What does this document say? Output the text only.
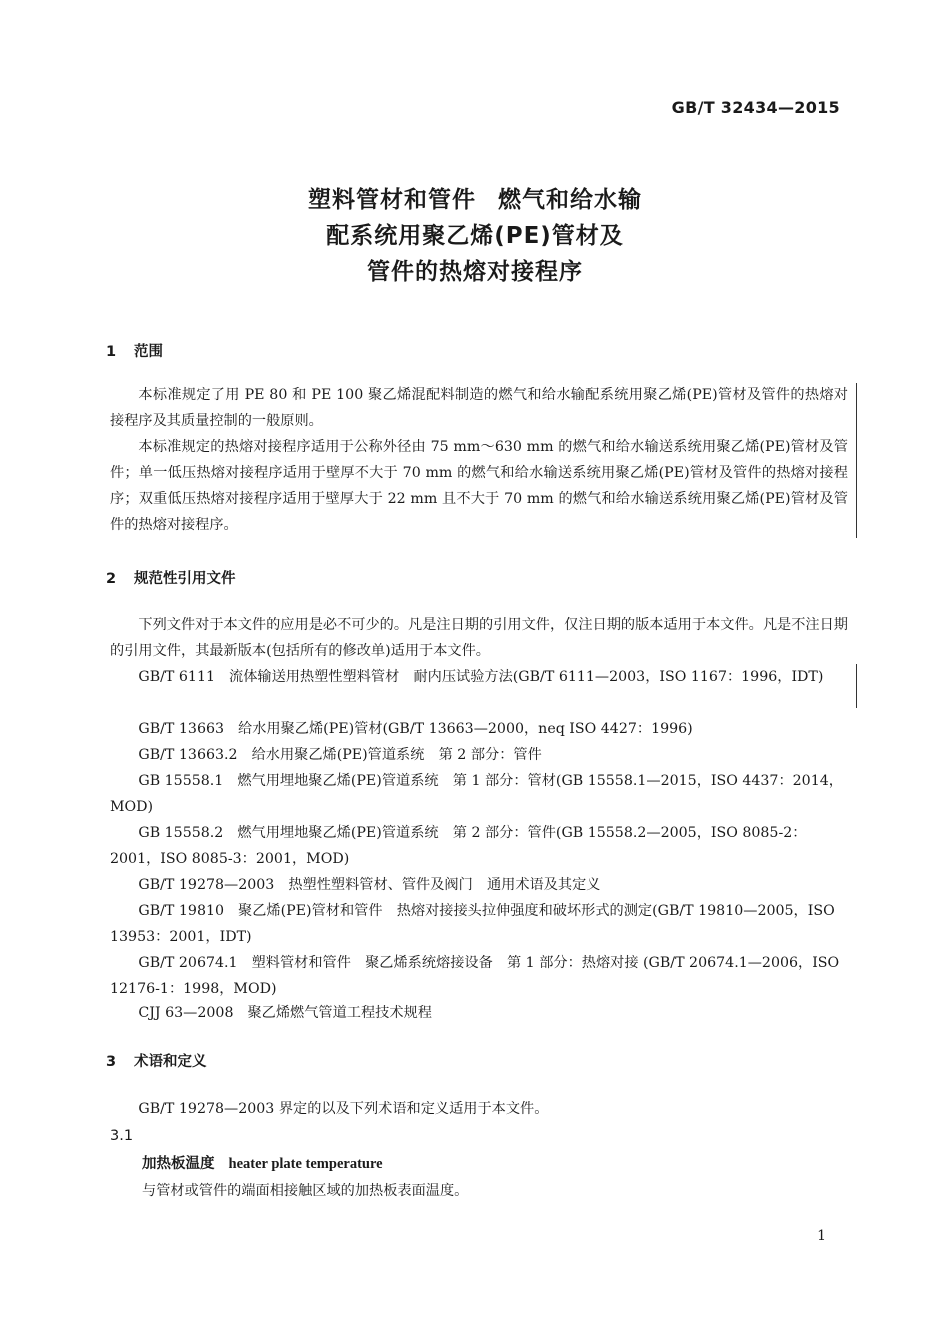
GB/T 32434—2015
塑料管材和管件 燃气和给水输
配系统用聚乙烯(PE)管材及
管件的热熔对接程序
1 范围
本标准规定了用 PE 80 和 PE 100 聚乙烯混配料制造的燃气和给水输配系统用聚乙烯(PE)管材及管件的热熔对接程序及其质量控制的一般原则。
本标准规定的热熔对接程序适用于公称外径由 75 mm～630 mm 的燃气和给水输送系统用聚乙烯(PE)管材及管件；单一低压热熔对接程序适用于壁厚不大于 70 mm 的燃气和给水输送系统用聚乙烯(PE)管材及管件的热熔对接程序；双重低压热熔对接程序适用于壁厚大于 22 mm 且不大于 70 mm 的燃气和给水输送系统用聚乙烯(PE)管材及管件的热熔对接程序。
2 规范性引用文件
下列文件对于本文件的应用是必不可少的。凡是注日期的引用文件，仅注日期的版本适用于本文件。凡是不注日期的引用文件，其最新版本(包括所有的修改单)适用于本文件。
GB/T 6111 流体输送用热塑性塑料管材　耐内压试验方法(GB/T 6111—2003，ISO 1167：1996，IDT)
GB/T 13663 给水用聚乙烯(PE)管材(GB/T 13663—2000，neq ISO 4427：1996)
GB/T 13663.2 给水用聚乙烯(PE)管道系统　第 2 部分：管件
GB 15558.1 燃气用埋地聚乙烯(PE)管道系统　第 1 部分：管材(GB 15558.1—2015，ISO 4437：2014，MOD)
GB 15558.2 燃气用埋地聚乙烯(PE)管道系统　第 2 部分：管件(GB 15558.2—2005，ISO 8085-2：2001，ISO 8085-3：2001，MOD)
GB/T 19278—2003 热塑性塑料管材、管件及阀门　通用术语及其定义
GB/T 19810 聚乙烯(PE)管材和管件　热熔对接接头拉伸强度和破坏形式的测定(GB/T 19810—2005，ISO 13953：2001，IDT)
GB/T 20674.1 塑料管材和管件　聚乙烯系统熔接设备　第 1 部分：热熔对接 (GB/T 20674.1—2006，ISO 12176-1：1998，MOD)
CJJ 63—2008 聚乙烯燃气管道工程技术规程
3 术语和定义
GB/T 19278—2003 界定的以及下列术语和定义适用于本文件。
3.1
加热板温度 heater plate temperature
与管材或管件的端面相接触区域的加热板表面温度。
1
